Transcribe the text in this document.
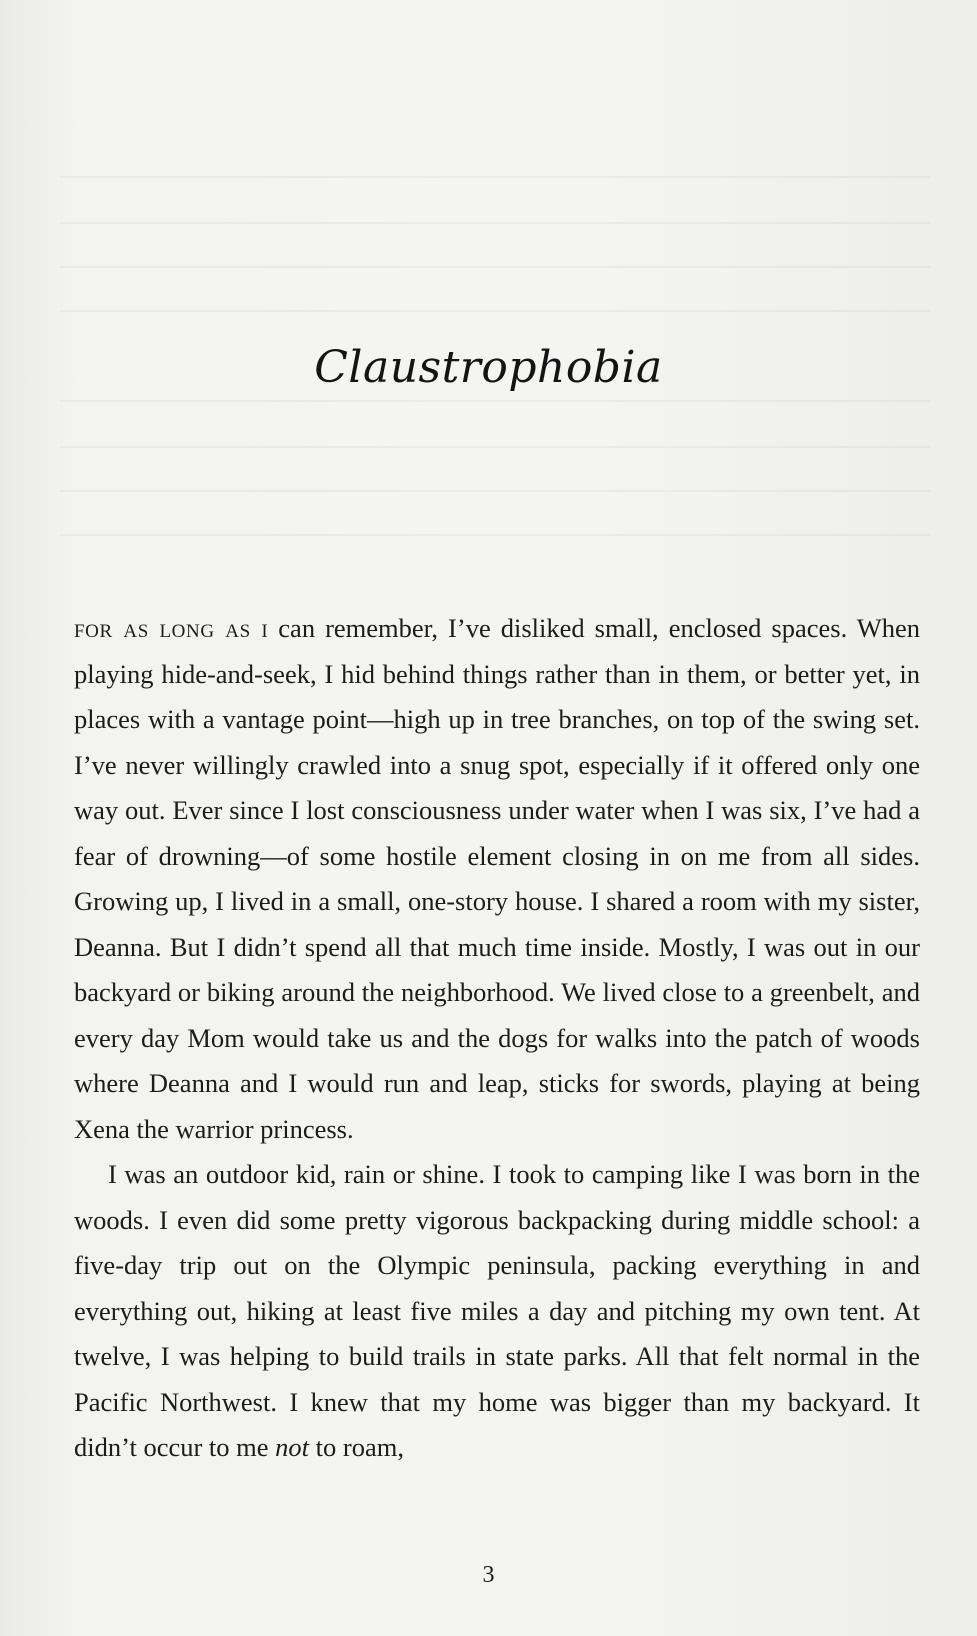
Claustrophobia

for as long as i can remember, I’ve disliked small, enclosed spaces. When playing hide-and-seek, I hid behind things rather than in them, or better yet, in places with a vantage point—high up in tree branches, on top of the swing set. I’ve never willingly crawled into a snug spot, especially if it offered only one way out. Ever since I lost consciousness under water when I was six, I’ve had a fear of drowning—of some hostile element closing in on me from all sides. Growing up, I lived in a small, one-story house. I shared a room with my sister, Deanna. But I didn’t spend all that much time inside. Mostly, I was out in our backyard or biking around the neighborhood. We lived close to a greenbelt, and every day Mom would take us and the dogs for walks into the patch of woods where Deanna and I would run and leap, sticks for swords, playing at being Xena the warrior princess.

I was an outdoor kid, rain or shine. I took to camping like I was born in the woods. I even did some pretty vigorous backpacking during middle school: a five-day trip out on the Olympic peninsula, packing everything in and everything out, hiking at least five miles a day and pitching my own tent. At twelve, I was helping to build trails in state parks. All that felt normal in the Pacific Northwest. I knew that my home was bigger than my backyard. It didn’t occur to me not to roam,

3
